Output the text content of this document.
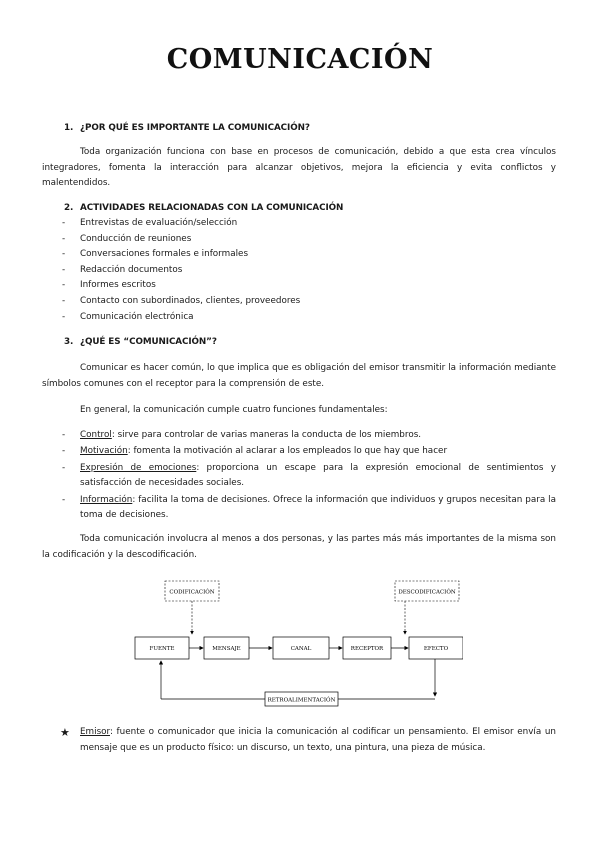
COMUNICACIÓN
1. ¿POR QUÉ ES IMPORTANTE LA COMUNICACIÓN?
Toda organización funciona con base en procesos de comunicación, debido a que esta crea vínculos integradores, fomenta la interacción para alcanzar objetivos, mejora la eficiencia y evita conflictos y malentendidos.
2. ACTIVIDADES RELACIONADAS CON LA COMUNICACIÓN
- Entrevistas de evaluación/selección
- Conducción de reuniones
- Conversaciones formales e informales
- Redacción documentos
- Informes escritos
- Contacto con subordinados, clientes, proveedores
- Comunicación electrónica
3. ¿QUÉ ES “COMUNICACIÓN”?
Comunicar es hacer común, lo que implica que es obligación del emisor transmitir la información mediante símbolos comunes con el receptor para la comprensión de este.
En general, la comunicación cumple cuatro funciones fundamentales:
- Control: sirve para controlar de varias maneras la conducta de los miembros.
- Motivación: fomenta la motivación al aclarar a los empleados lo que hay que hacer
- Expresión de emociones: proporciona un escape para la expresión emocional de sentimientos y satisfacción de necesidades sociales.
- Información: facilita la toma de decisiones. Ofrece la información que individuos y grupos necesitan para la toma de decisiones.
Toda comunicación involucra al menos a dos personas, y las partes más más importantes de la misma son la codificación y la descodificación.
CODIFICACIÓN	DESCODIFICACIÓN
FUENTE	MENSAJE	CANAL	RECEPTOR	EFECTO
RETROALIMENTACIÓN
★ Emisor: fuente o comunicador que inicia la comunicación al codificar un pensamiento. El emisor envía un mensaje que es un producto físico: un discurso, un texto, una pintura, una pieza de música.
